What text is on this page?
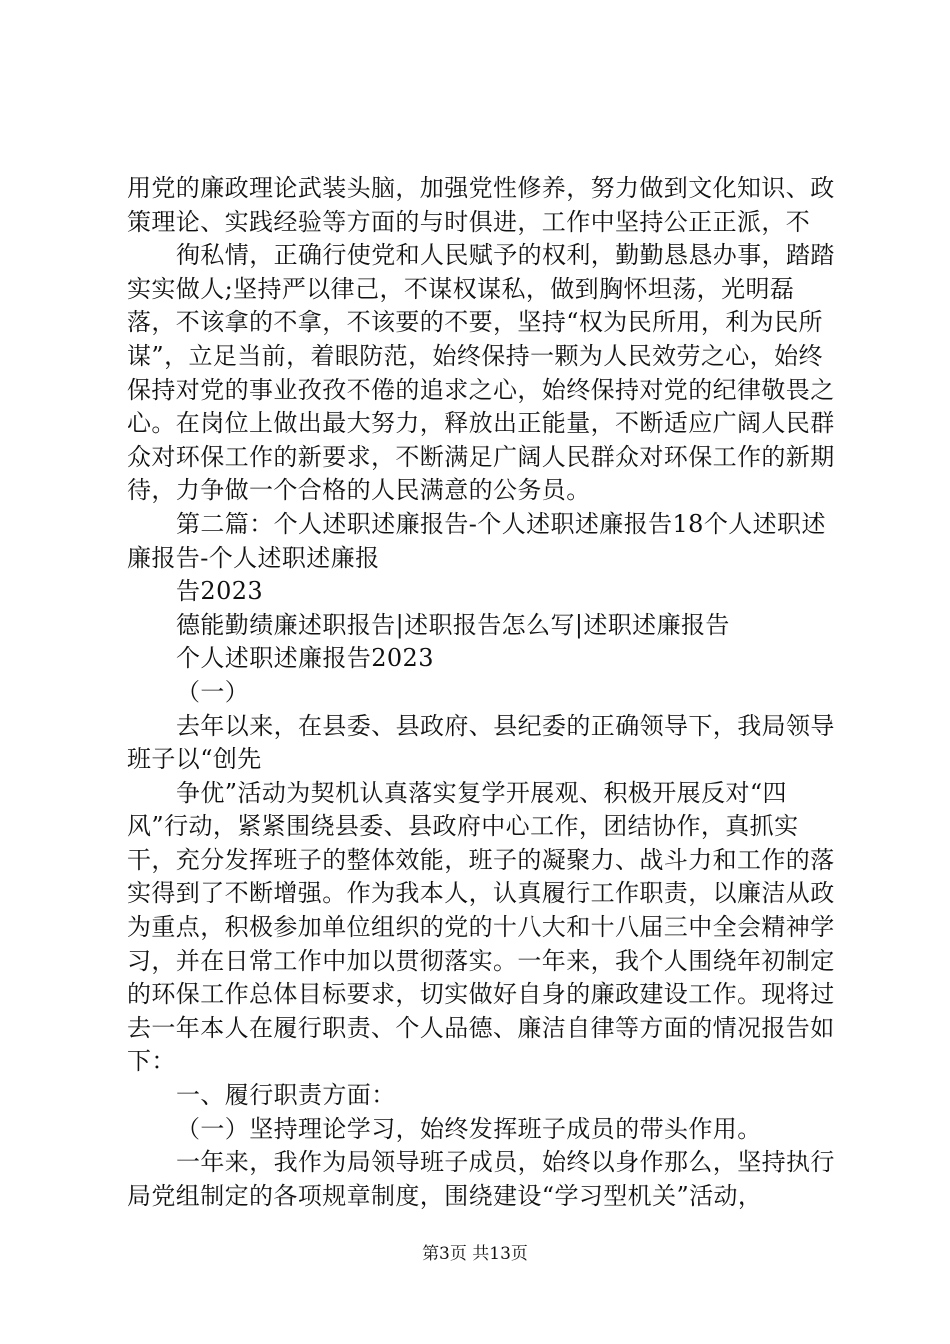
用党的廉政理论武装头脑，加强党性修养，努力做到文化知识、政策理论、实践经验等方面的与时俱进，工作中坚持公正正派，不

徇私情，正确行使党和人民赋予的权利，勤勤恳恳办事，踏踏实实做人;坚持严以律己，不谋权谋私，做到胸怀坦荡，光明磊落，不该拿的不拿，不该要的不要，坚持“权为民所用，利为民所谋”，立足当前，着眼防范，始终保持一颗为人民效劳之心，始终保持对党的事业孜孜不倦的追求之心，始终保持对党的纪律敬畏之心。在岗位上做出最大努力，释放出正能量，不断适应广阔人民群众对环保工作的新要求，不断满足广阔人民群众对环保工作的新期待，力争做一个合格的人民满意的公务员。

第二篇：个人述职述廉报告-个人述职述廉报告18个人述职述廉报告-个人述职述廉报

告2023

德能勤绩廉述职报告|述职报告怎么写|述职述廉报告

个人述职述廉报告2023

（一）

去年以来，在县委、县政府、县纪委的正确领导下，我局领导班子以“创先

争优”活动为契机认真落实复学开展观、积极开展反对“四风”行动，紧紧围绕县委、县政府中心工作，团结协作，真抓实干，充分发挥班子的整体效能，班子的凝聚力、战斗力和工作的落实得到了不断增强。作为我本人，认真履行工作职责，以廉洁从政为重点，积极参加单位组织的党的十八大和十八届三中全会精神学习，并在日常工作中加以贯彻落实。一年来，我个人围绕年初制定的环保工作总体目标要求，切实做好自身的廉政建设工作。现将过去一年本人在履行职责、个人品德、廉洁自律等方面的情况报告如下：

一、履行职责方面：

（一）坚持理论学习，始终发挥班子成员的带头作用。

一年来，我作为局领导班子成员，始终以身作那么，坚持执行局党组制定的各项规章制度，围绕建设“学习型机关”活动，

第3页 共13页
